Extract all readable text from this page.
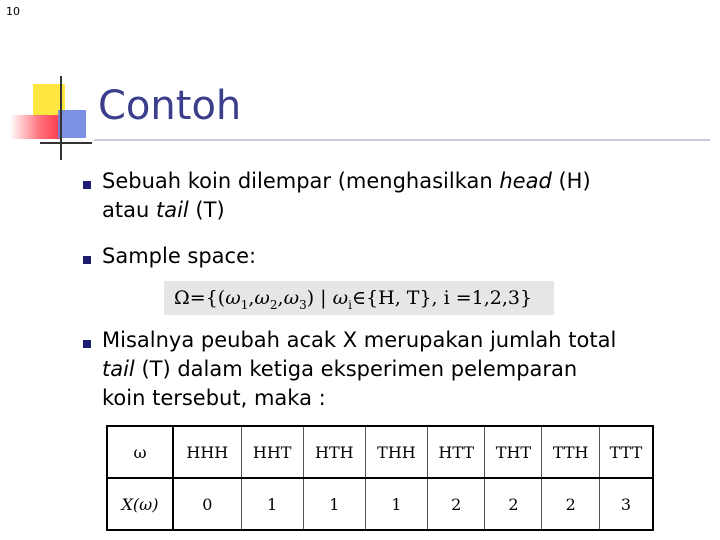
10
Contoh
Sebuah koin dilempar (menghasilkan head (H)
atau tail (T)
Sample space:
$\Omega=\{(\omega_1,\omega_2,\omega_3)$ | $\omega_i\in\{H$, T}, i =1,2,3}
Misalnya peubah acak X merupakan jumlah total
tail (T) dalam ketiga eksperimen pelemparan
koin tersebut, maka :
ω	HHH	HHT	HTH	THH	HTT	THT	TTH	TTT
X(ω)	0	1	1	1	2	2	2	3
